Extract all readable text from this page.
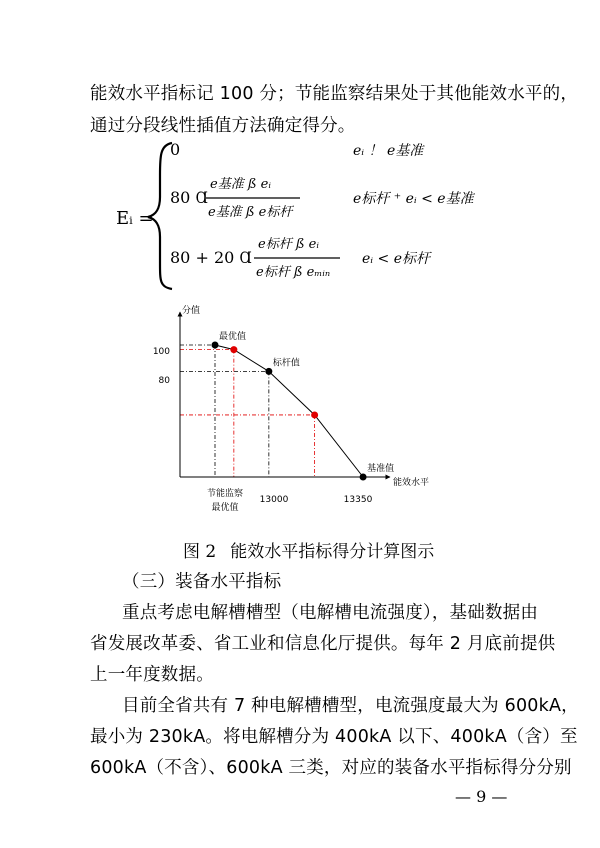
能效水平指标记 100 分；节能监察结果处于其他能效水平的，
通过分段线性插值方法确定得分。
Eᵢ =
0	eᵢ ！ e基准
80 Ɑ
e基准 ß eᵢ
e基准 ß e标杆
e标杆 ⁺ eᵢ < e基准
80 + 20 Ɑ
e标杆 ß eᵢ
e标杆 ß eₘᵢₙ
eᵢ < e标杆
最优值
标杆值
基准值
分值
能效水平
100
80
节能监察
最优值
13000	13350
图 2 能效水平指标得分计算图示
（三）装备水平指标
重点考虑电解槽槽型（电解槽电流强度），基础数据由
省发展改革委、省工业和信息化厅提供。每年 2 月底前提供
上一年度数据。
目前全省共有 7 种电解槽槽型，电流强度最大为 600kA，
最小为 230kA。将电解槽分为 400kA 以下、400kA（含）至
600kA（不含）、600kA 三类，对应的装备水平指标得分分别
— 9 —
